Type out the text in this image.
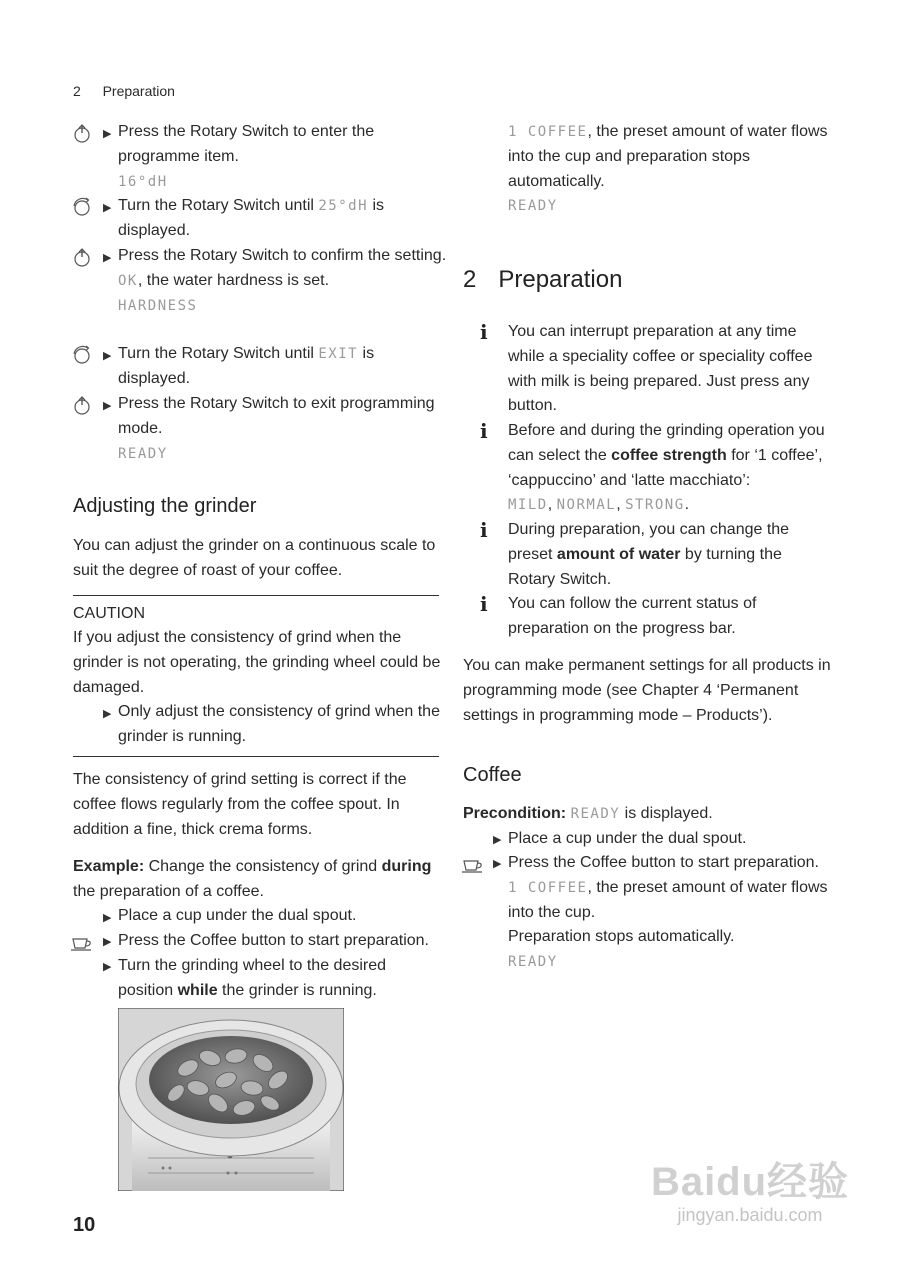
2 Preparation
▶ Press the Rotary Switch to enter the programme item.
16°dH
▶ Turn the Rotary Switch until 25°dH is displayed.
▶ Press the Rotary Switch to confirm the setting.
OK, the water hardness is set.
HARDNESS
▶ Turn the Rotary Switch until EXIT is displayed.
▶ Press the Rotary Switch to exit programming mode.
READY
Adjusting the grinder
You can adjust the grinder on a continuous scale to suit the degree of roast of your coffee.
CAUTION
If you adjust the consistency of grind when the grinder is not operating, the grinding wheel could be damaged.
▶ Only adjust the consistency of grind when the grinder is running.
The consistency of grind setting is correct if the coffee flows regularly from the coffee spout. In addition a fine, thick crema forms.
Example: Change the consistency of grind during the preparation of a coffee.
▶ Place a cup under the dual spout.
▶ Press the Coffee button to start preparation.
▶ Turn the grinding wheel to the desired position while the grinder is running.
10
1 COFFEE, the preset amount of water flows into the cup and preparation stops automatically.
READY
2 Preparation
i You can interrupt preparation at any time while a speciality coffee or speciality coffee with milk is being prepared. Just press any button.
i Before and during the grinding operation you can select the coffee strength for ‘1 coffee’, ‘cappuccino’ and ‘latte macchiato’:
MILD, NORMAL, STRONG.
i During preparation, you can change the preset amount of water by turning the Rotary Switch.
i You can follow the current status of preparation on the progress bar.
You can make permanent settings for all products in programming mode (see Chapter 4 ‘Permanent settings in programming mode – Products’).
Coffee
Precondition: READY is displayed.
▶ Place a cup under the dual spout.
▶ Press the Coffee button to start preparation.
1 COFFEE, the preset amount of water flows into the cup.
Preparation stops automatically.
READY
Baidu经验
jingyan.baidu.com
